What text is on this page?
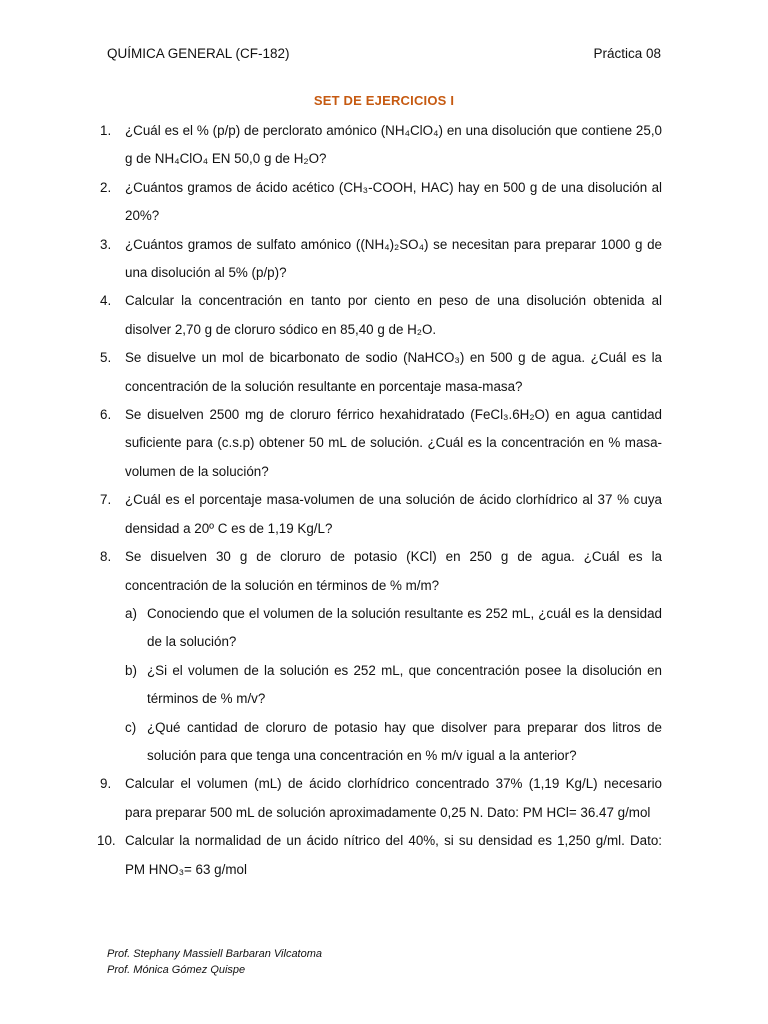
QUÍMICA GENERAL (CF-182)	Práctica 08
SET DE EJERCICIOS I
1. ¿Cuál es el % (p/p) de perclorato amónico (NH₄ClO₄) en una disolución que contiene 25,0 g de NH₄ClO₄ EN 50,0 g de H₂O?
2. ¿Cuántos gramos de ácido acético (CH₃-COOH, HAC) hay en 500 g de una disolución al 20%?
3. ¿Cuántos gramos de sulfato amónico ((NH₄)₂SO₄) se necesitan para preparar 1000 g de una disolución al 5% (p/p)?
4. Calcular la concentración en tanto por ciento en peso de una disolución obtenida al disolver 2,70 g de cloruro sódico en 85,40 g de H₂O.
5. Se disuelve un mol de bicarbonato de sodio (NaHCO₃) en 500 g de agua. ¿Cuál es la concentración de la solución resultante en porcentaje masa-masa?
6. Se disuelven 2500 mg de cloruro férrico hexahidratado (FeCl₃.6H₂O) en agua cantidad suficiente para (c.s.p) obtener 50 mL de solución. ¿Cuál es la concentración en % masa-volumen de la solución?
7. ¿Cuál es el porcentaje masa-volumen de una solución de ácido clorhídrico al 37 % cuya densidad a 20º C es de 1,19 Kg/L?
8. Se disuelven 30 g de cloruro de potasio (KCl) en 250 g de agua. ¿Cuál es la concentración de la solución en términos de % m/m?
a) Conociendo que el volumen de la solución resultante es 252 mL, ¿cuál es la densidad de la solución?
b) ¿Si el volumen de la solución es 252 mL, que concentración posee la disolución en términos de % m/v?
c) ¿Qué cantidad de cloruro de potasio hay que disolver para preparar dos litros de solución para que tenga una concentración en % m/v igual a la anterior?
9. Calcular el volumen (mL) de ácido clorhídrico concentrado 37% (1,19 Kg/L) necesario para preparar 500 mL de solución aproximadamente 0,25 N. Dato: PM HCl= 36.47 g/mol
10. Calcular la normalidad de un ácido nítrico del 40%, si su densidad es 1,250 g/ml. Dato: PM HNO₃= 63 g/mol
Prof. Stephany Massiell Barbaran Vilcatoma
Prof. Mónica Gómez Quispe
